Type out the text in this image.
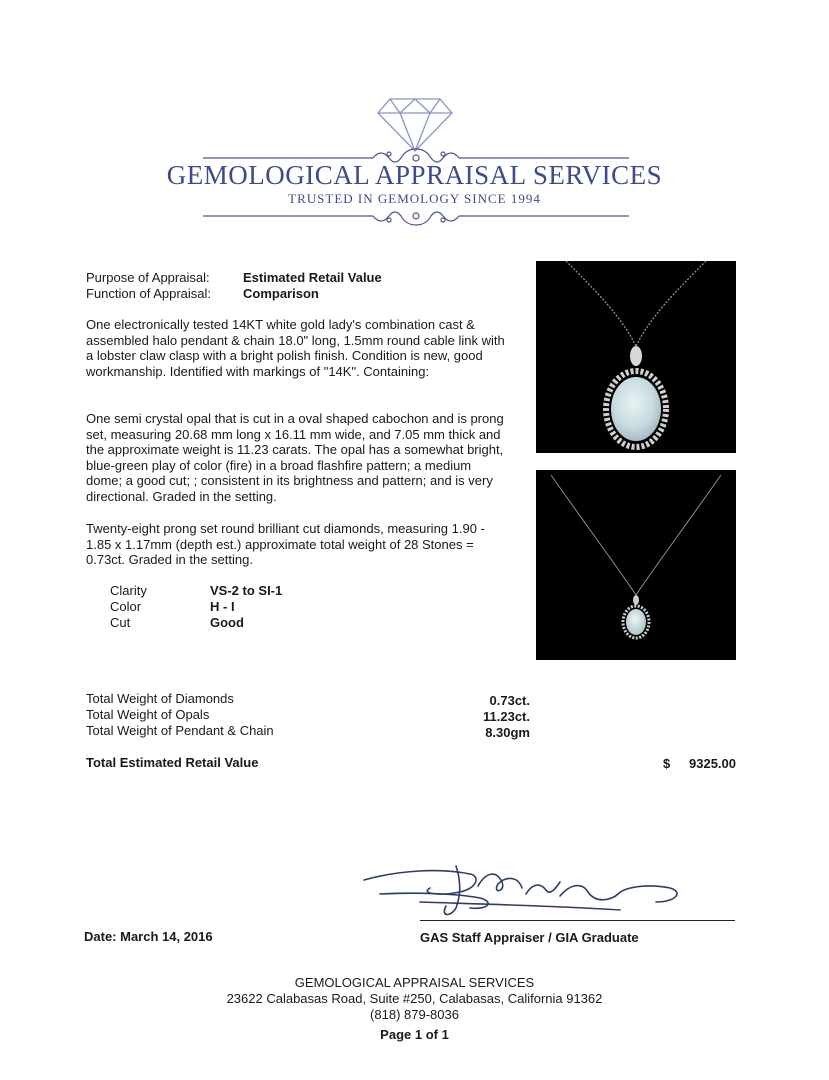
GEMOLOGICAL APPRAISAL SERVICES
TRUSTED IN GEMOLOGY SINCE 1994
Purpose of Appraisal:	Estimated Retail Value
Function of Appraisal: Comparison
One electronically tested 14KT white gold lady's combination cast & assembled halo pendant & chain 18.0" long, 1.5mm round cable link with a lobster claw clasp with a bright polish finish. Condition is new, good workmanship. Identified with markings of "14K". Containing:
One semi crystal opal that is cut in a oval shaped cabochon and is prong set, measuring 20.68 mm long x 16.11 mm wide, and 7.05 mm thick and the approximate weight is 11.23 carats. The opal has a somewhat bright, blue-green play of color (fire) in a broad flashfire pattern; a medium dome; a good cut; ; consistent in its brightness and pattern; and is very directional. Graded in the setting.
Twenty-eight prong set round brilliant cut diamonds, measuring 1.90 - 1.85 x 1.17mm (depth est.) approximate total weight of 28 Stones = 0.73ct. Graded in the setting.
Clarity	VS-2 to SI-1
Color	H - I
Cut	Good
Total Weight of Diamonds	0.73ct.
Total Weight of Opals	11.23ct.
Total Weight of Pendant & Chain	8.30gm
Total Estimated Retail Value	$	9325.00
Date: March 14, 2016	GAS Staff Appraiser / GIA Graduate
GEMOLOGICAL APPRAISAL SERVICES
23622 Calabasas Road, Suite #250, Calabasas, California 91362
(818) 879-8036
Page 1 of 1
